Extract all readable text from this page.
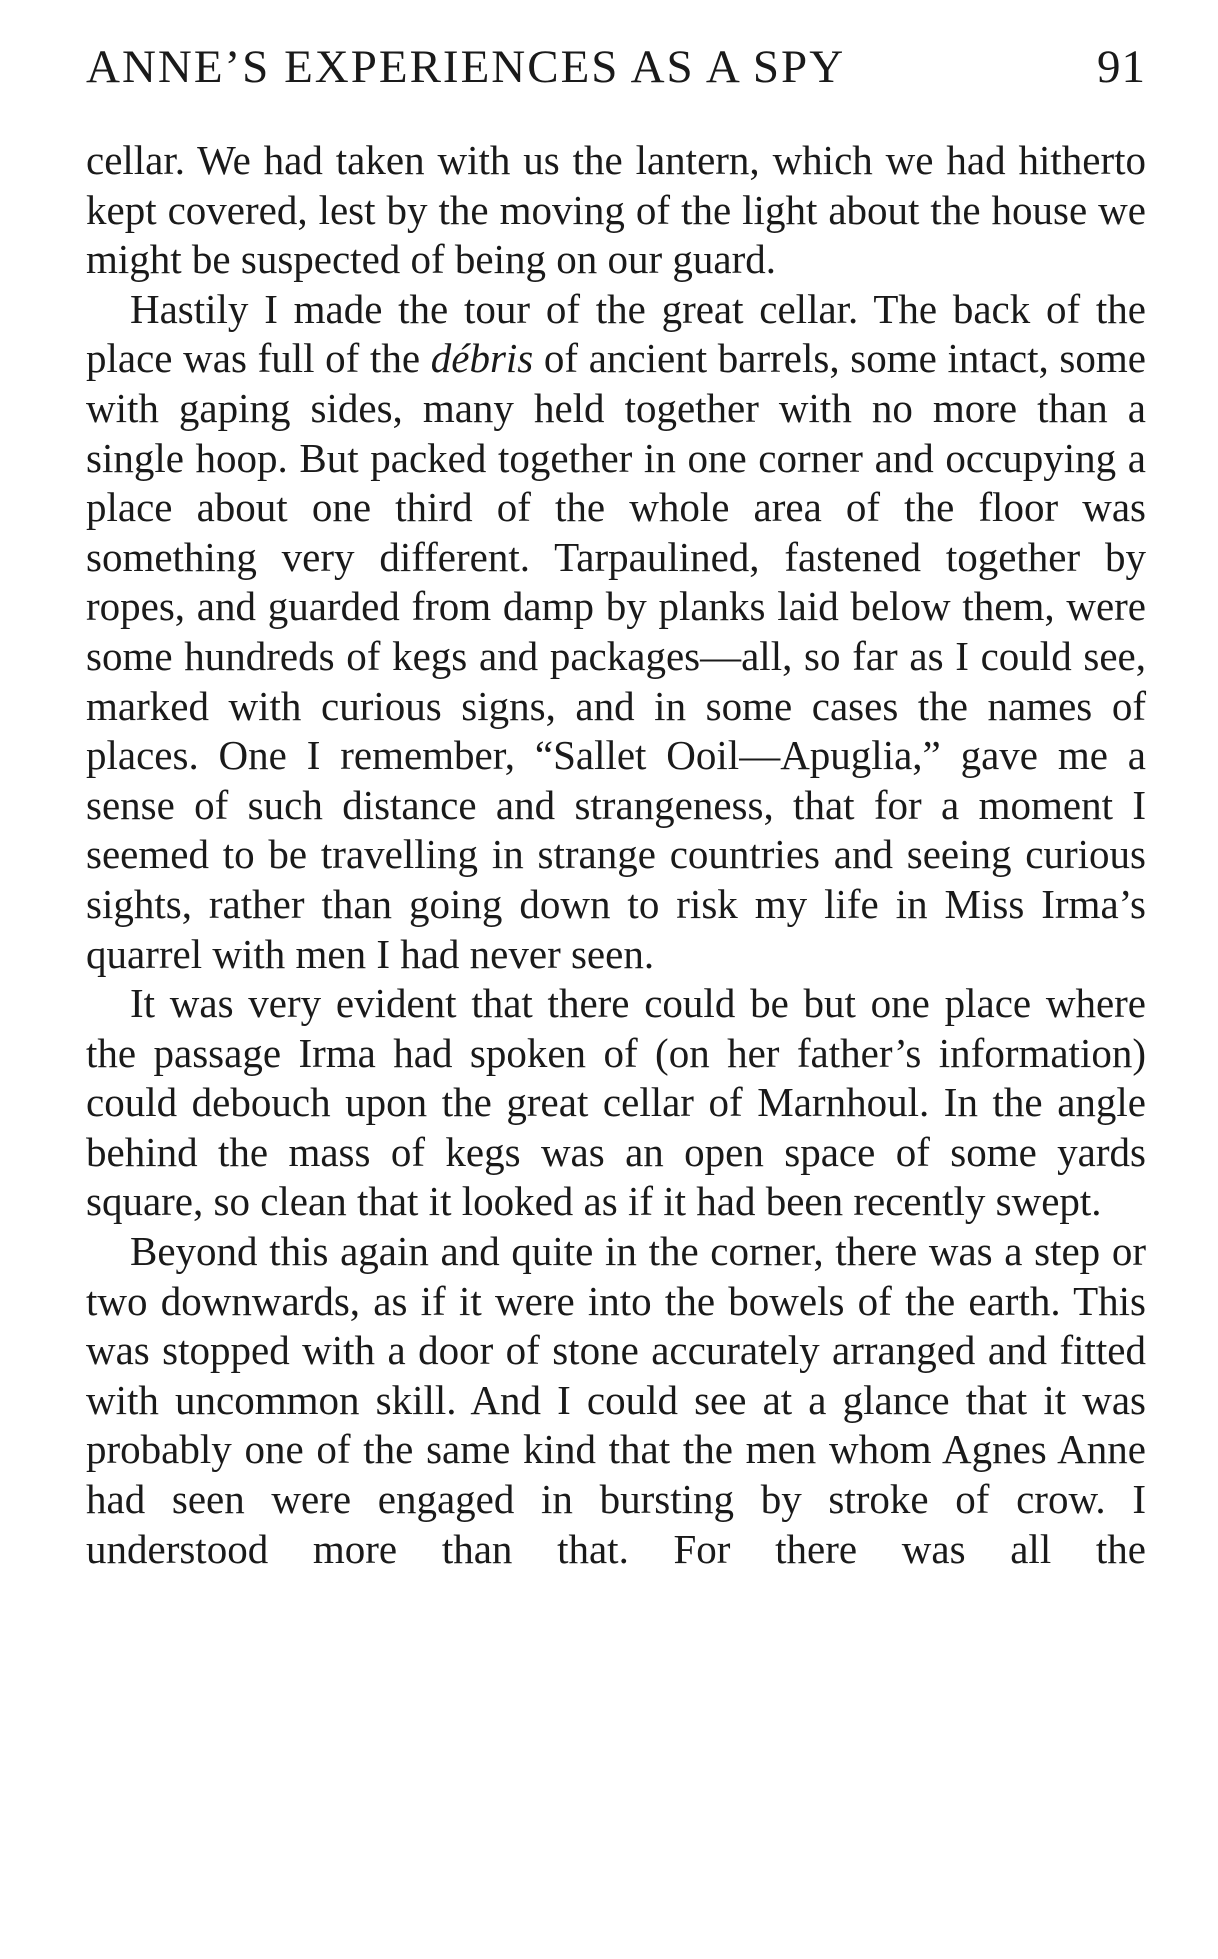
ANNE’S EXPERIENCES AS A SPY	91

cellar. We had taken with us the lantern, which we had hitherto kept covered, lest by the moving of the light about the house we might be suspected of being on our guard.

Hastily I made the tour of the great cellar. The back of the place was full of the débris of ancient barrels, some intact, some with gaping sides, many held together with no more than a single hoop. But packed together in one corner and occupying a place about one third of the whole area of the floor was something very different. Tarpaulined, fastened together by ropes, and guarded from damp by planks laid below them, were some hundreds of kegs and packages—all, so far as I could see, marked with curious signs, and in some cases the names of places. One I remember, “Sallet Ooil—Apuglia,” gave me a sense of such distance and strangeness, that for a moment I seemed to be travelling in strange countries and seeing curious sights, rather than going down to risk my life in Miss Irma’s quarrel with men I had never seen.

It was very evident that there could be but one place where the passage Irma had spoken of (on her father’s information) could debouch upon the great cellar of Marnhoul. In the angle behind the mass of kegs was an open space of some yards square, so clean that it looked as if it had been recently swept.

Beyond this again and quite in the corner, there was a step or two downwards, as if it were into the bowels of the earth. This was stopped with a door of stone accurately arranged and fitted with uncommon skill. And I could see at a glance that it was probably one of the same kind that the men whom Agnes Anne had seen were engaged in bursting by stroke of crow. I understood more than that. For there was all the
